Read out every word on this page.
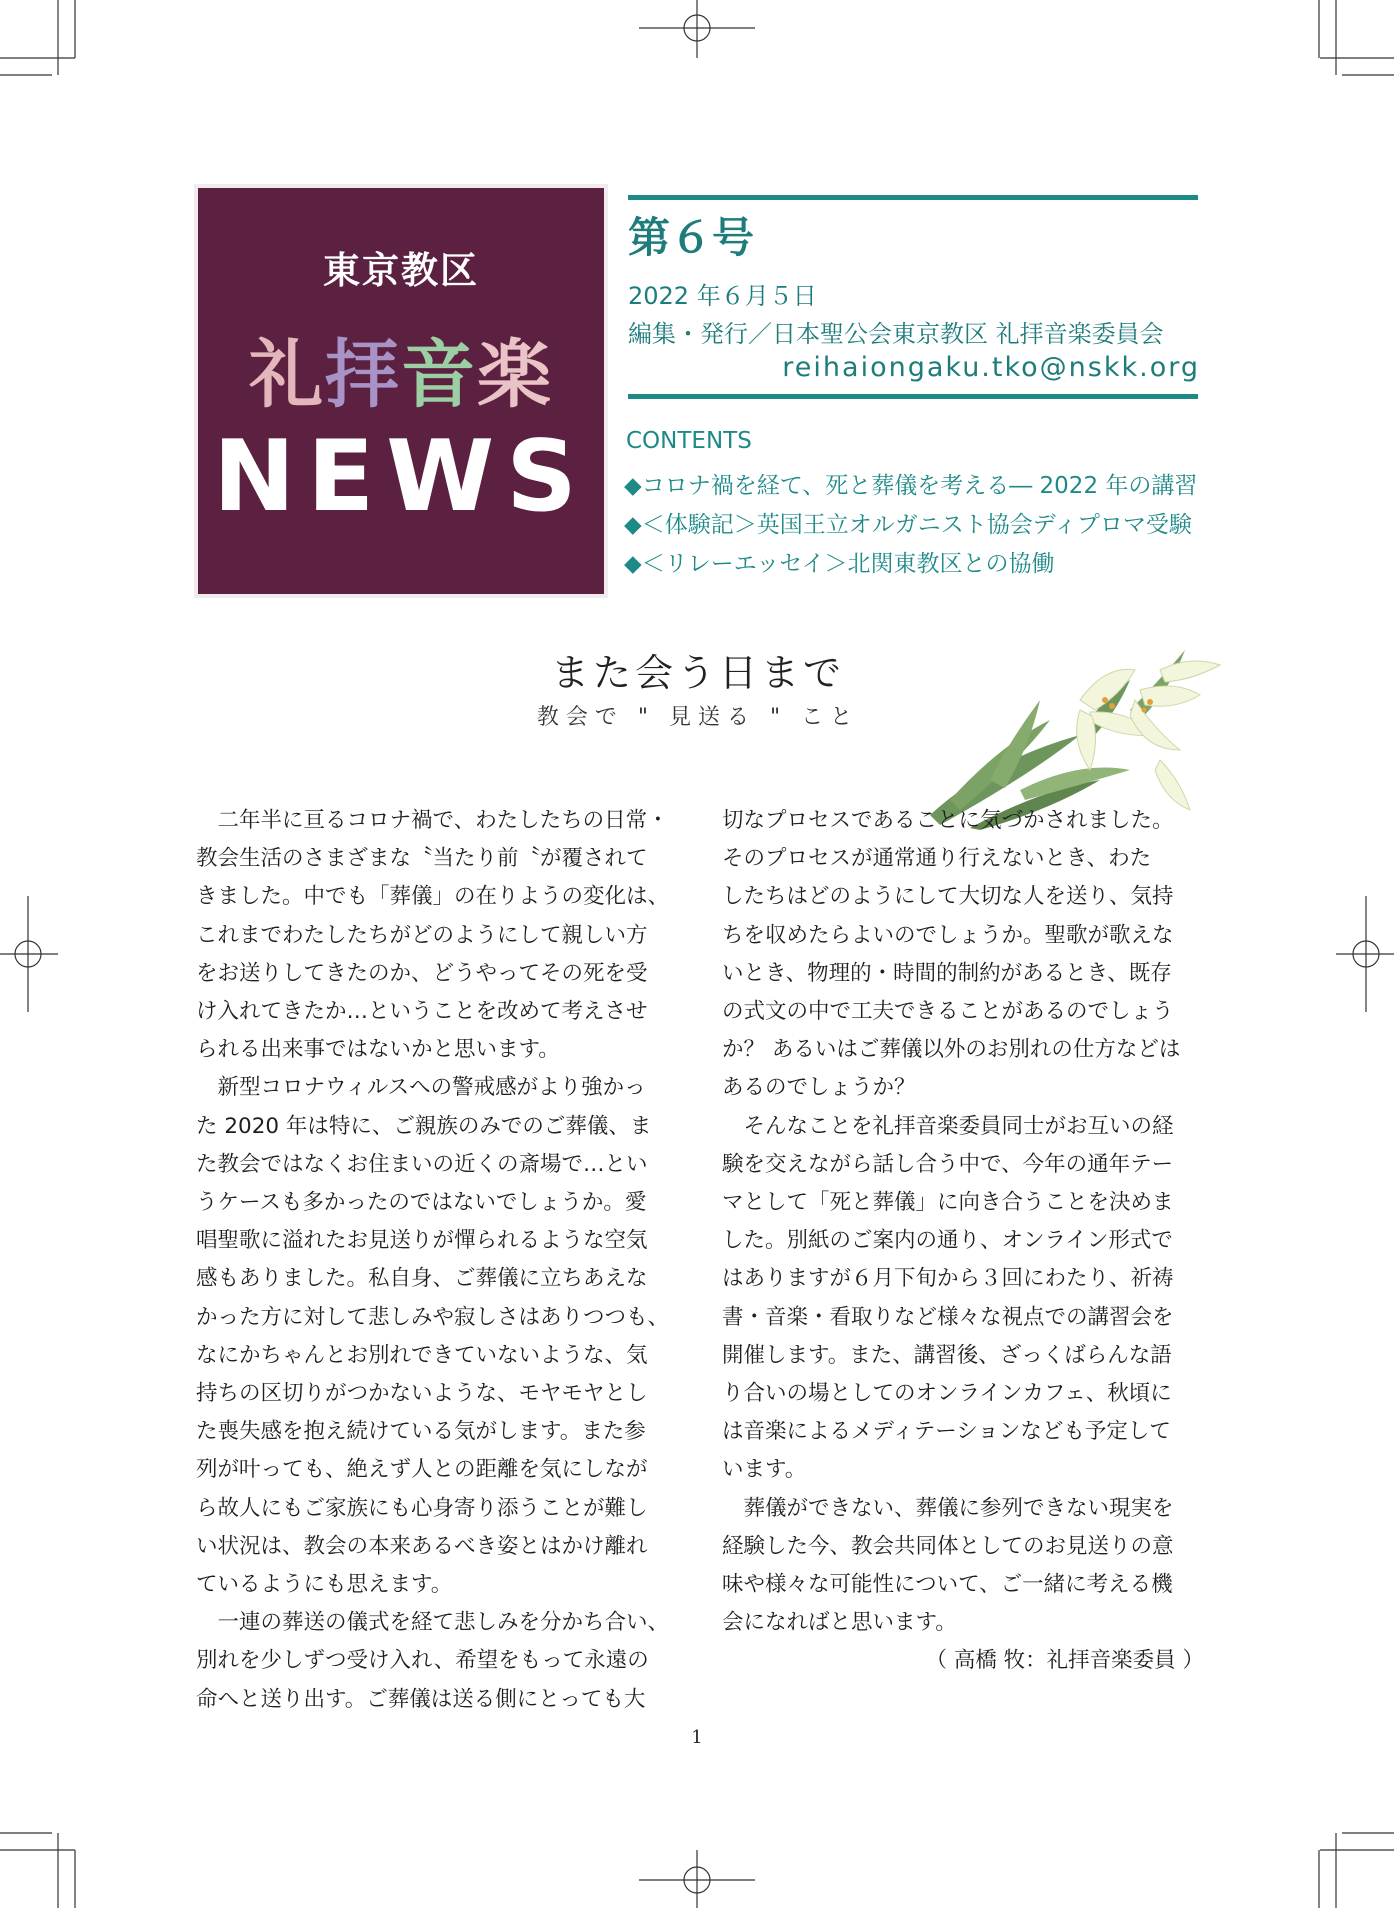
東京教区
礼拝音楽
NEWS
第６号
2022 年６月５日
編集・発行／日本聖公会東京教区 礼拝音楽委員会
reihaiongaku.tko@nskk.org
CONTENTS
◆コロナ禍を経て、死と葬儀を考える― 2022 年の講習
◆＜体験記＞英国王立オルガニスト協会ディプロマ受験
◆＜リレーエッセイ＞北関東教区との協働
また会う日まで
教会で " 見送る " こと

　二年半に亘るコロナ禍で、わたしたちの日常・

教会生活のさまざまな〝当たり前〝が覆されて

きました。中でも「葬儀」の在りようの変化は、

これまでわたしたちがどのようにして親しい方

をお送りしてきたのか、どうやってその死を受

け入れてきたか…ということを改めて考えさせ

られる出来事ではないかと思います。

　新型コロナウィルスへの警戒感がより強かっ

た 2020 年は特に、ご親族のみでのご葬儀、ま

た教会ではなくお住まいの近くの斎場で…とい

うケースも多かったのではないでしょうか。愛

唱聖歌に溢れたお見送りが憚られるような空気

感もありました。私自身、ご葬儀に立ちあえな

かった方に対して悲しみや寂しさはありつつも、

なにかちゃんとお別れできていないような、気

持ちの区切りがつかないような、モヤモヤとし

た喪失感を抱え続けている気がします。また参

列が叶っても、絶えず人との距離を気にしなが

ら故人にもご家族にも心身寄り添うことが難し

い状況は、教会の本来あるべき姿とはかけ離れ

ているようにも思えます。

　一連の葬送の儀式を経て悲しみを分かち合い、

別れを少しずつ受け入れ、希望をもって永遠の

命へと送り出す。ご葬儀は送る側にとっても大

切なプロセスであることに気づかされました。

そのプロセスが通常通り行えないとき、わた

したちはどのようにして大切な人を送り、気持

ちを収めたらよいのでしょうか。聖歌が歌えな

いとき、物理的・時間的制約があるとき、既存

の式文の中で工夫できることがあるのでしょう

か？ あるいはご葬儀以外のお別れの仕方などは

あるのでしょうか？

　そんなことを礼拝音楽委員同士がお互いの経

験を交えながら話し合う中で、今年の通年テー

マとして「死と葬儀」に向き合うことを決めま

した。別紙のご案内の通り、オンライン形式で

はありますが６月下旬から３回にわたり、祈祷

書・音楽・看取りなど様々な視点での講習会を

開催します。また、講習後、ざっくばらんな語

り合いの場としてのオンラインカフェ、秋頃に

は音楽によるメディテーションなども予定して

います。

　葬儀ができない、葬儀に参列できない現実を

経験した今、教会共同体としてのお見送りの意

味や様々な可能性について、ご一緒に考える機

会になればと思います。

（ 高橋 牧：礼拝音楽委員 ）

1
